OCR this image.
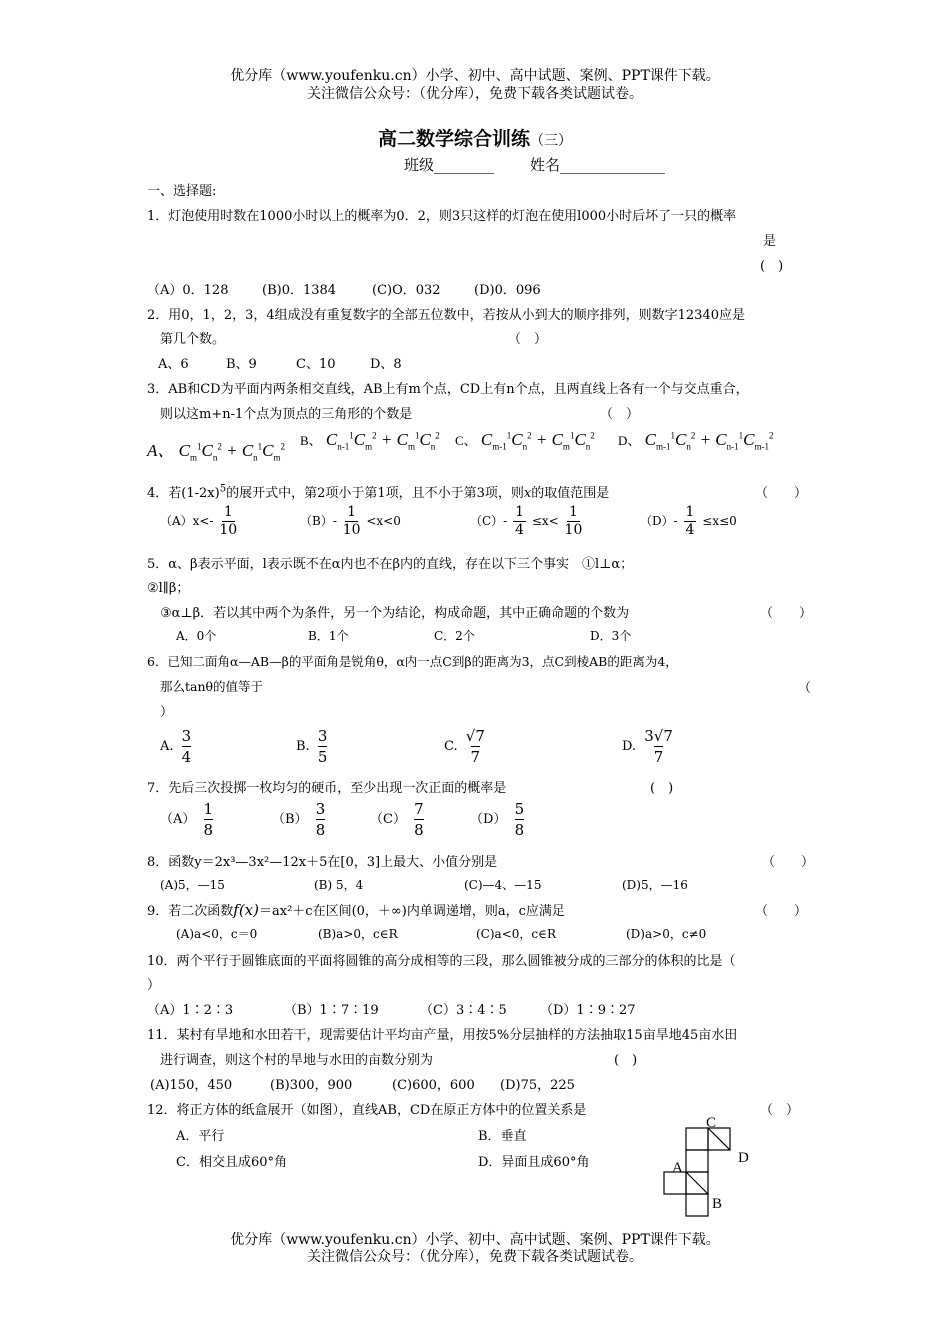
优分库（www.youfenku.cn）小学、初中、高中试题、案例、PPT课件下载。
关注微信公众号：（优分库），免费下载各类试题试卷。
高二数学综合训练（三）
班级________ 姓名______________
一、选择题:
1．灯泡使用时数在1000小时以上的概率为0．2，则3只这样的灯泡在使用l000小时后坏了一只的概率
是
(　)
（A）0．128	(B)0．1384	(C)O．032	(D)0．096
2．用0，1，2，3，4组成没有重复数字的全部五位数中，若按从小到大的顺序排列，则数字12340应是
第几个数。	（　）
A、6	B、9	C、10	D、8
3．AB和CD为平面内两条相交直线，AB上有m个点，CD上有n个点，且两直线上各有一个与交点重合，
则以这m+n-1个点为顶点的三角形的个数是	（　）
A、 $C_m^1C_n^2 + C_n^1C_m^2$ $^{B、}$ $C_{n-1}^1C_m^2 + C_m^1C_n^2$ $^{C、}$ $C_{m-1}^1C_n^2 + C_m^1C_n^2$ $^{D、}$ $C_{m-1}^1C_n^2 + C_{n-1}^1C_{m-1}^2$
4．若$(1-2x)^5$的展开式中，第2项小于第1项，且不小于第3项，则x的取值范围是	（　　）
$(A)x<- \frac{1}{10}$	$(B)- \frac{1}{10} <x<0$	$(C)- \frac{1}{4} \le x< \frac{1}{10}$	$(D)- \frac{1}{4} \le x\le 0$
5．α、β表示平面，l表示既不在α内也不在β内的直线，存在以下三个事实　①l⊥α；
②l∥β；
③α⊥β．若以其中两个为条件，另一个为结论，构成命题，其中正确命题的个数为	（　　）
A．0个	B．1个	C．2个	D．3个
6．已知二面角α—AB—β的平面角是锐角θ，α内一点C到β的距离为3，点C到棱AB的距离为4，
那么tanθ的值等于	（
）
A. $\frac{3}{4}$	B. $\frac{3}{5}$	C. $\frac{√7}{7}$	D. $\frac{3√7}{7}$
7．先后三次投掷一枚均匀的硬币，至少出现一次正面的概率是	(　)
$(A) \frac{1}{8}$	$(B) \frac{3}{8}$	$(C) \frac{7}{8}$	$(D) \frac{5}{8}$
8．函数y＝2x³—3x²—12x＋5在[0，3]上最大、小值分别是	（　　）
(A)5，—15	(B) 5，4	(C)—4、—15	(D)5，—16
9．若二次函数f(x)＝ax²＋c在区间(0，＋∞)内单调递增，则a，c应满足	（　　）
(A)a<0，c＝0	(B)a>0，c∈R	(C)a<0，c∈R	(D)a>0，c≠0
10．两个平行于圆锥底面的平面将圆锥的高分成相等的三段，那么圆锥被分成的三部分的体积的比是（
）
（A）1∶2∶3	（B）1∶7∶19	（C）3∶4∶5	（D）1∶9∶27
11．某村有旱地和水田若干，现需要估计平均亩产量，用按5%分层抽样的方法抽取15亩旱地45亩水田
进行调查，则这个村的旱地与水田的亩数分别为	(　)
(A)150，450	(B)300，900	(C)600，600 (D)75，225
12．将正方体的纸盒展开（如图），直线AB，CD在原正方体中的位置关系是	（　）
A．平行	B．垂直
C．相交且成60°角	D．异面且成60°角
C
D
A
B
优分库（www.youfenku.cn）小学、初中、高中试题、案例、PPT课件下载。
关注微信公众号：（优分库），免费下载各类试题试卷。
